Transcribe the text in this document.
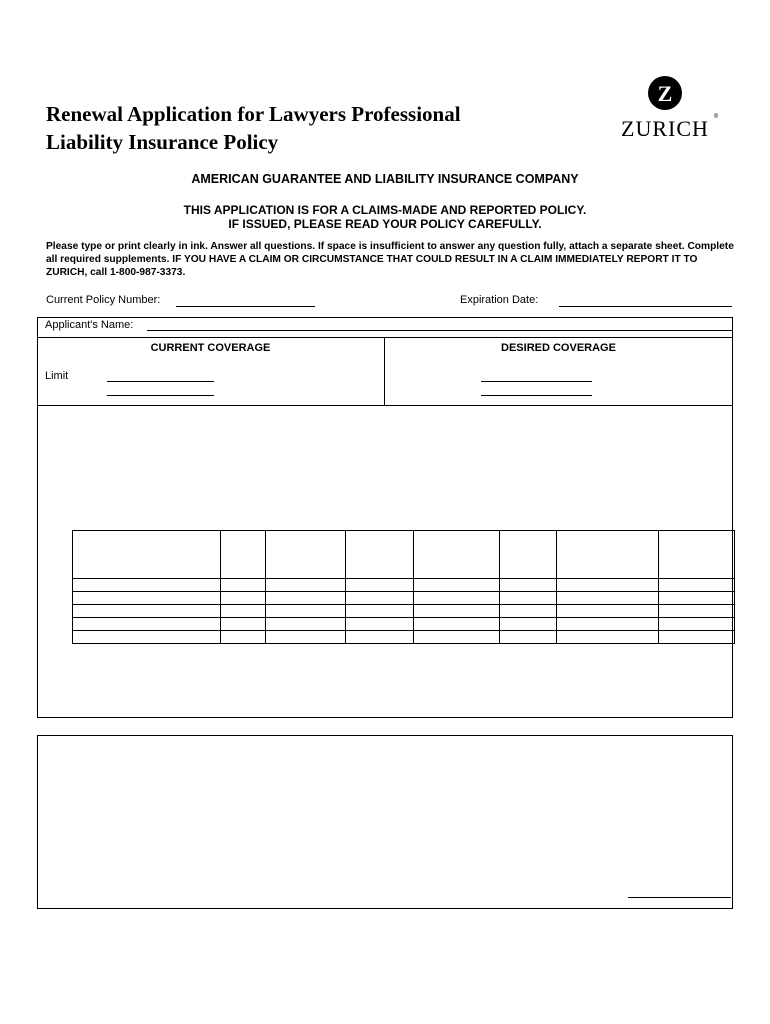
Renewal Application for Lawyers Professional
Liability Insurance Policy
Z
ZURICH ®
AMERICAN GUARANTEE AND LIABILITY INSURANCE COMPANY
THIS APPLICATION IS FOR A CLAIMS-MADE AND REPORTED POLICY.
IF ISSUED, PLEASE READ YOUR POLICY CAREFULLY.
Please type or print clearly in ink. Answer all questions. If space is insufficient to answer any question fully, attach a separate sheet. Complete all required supplements. IF YOU HAVE A CLAIM OR CIRCUMSTANCE THAT COULD RESULT IN A CLAIM IMMEDIATELY REPORT IT TO ZURICH, call 1-800-987-3373.
Current Policy Number:	Expiration Date:
Applicant's Name:
CURRENT COVERAGE	DESIRED COVERAGE
Limit
